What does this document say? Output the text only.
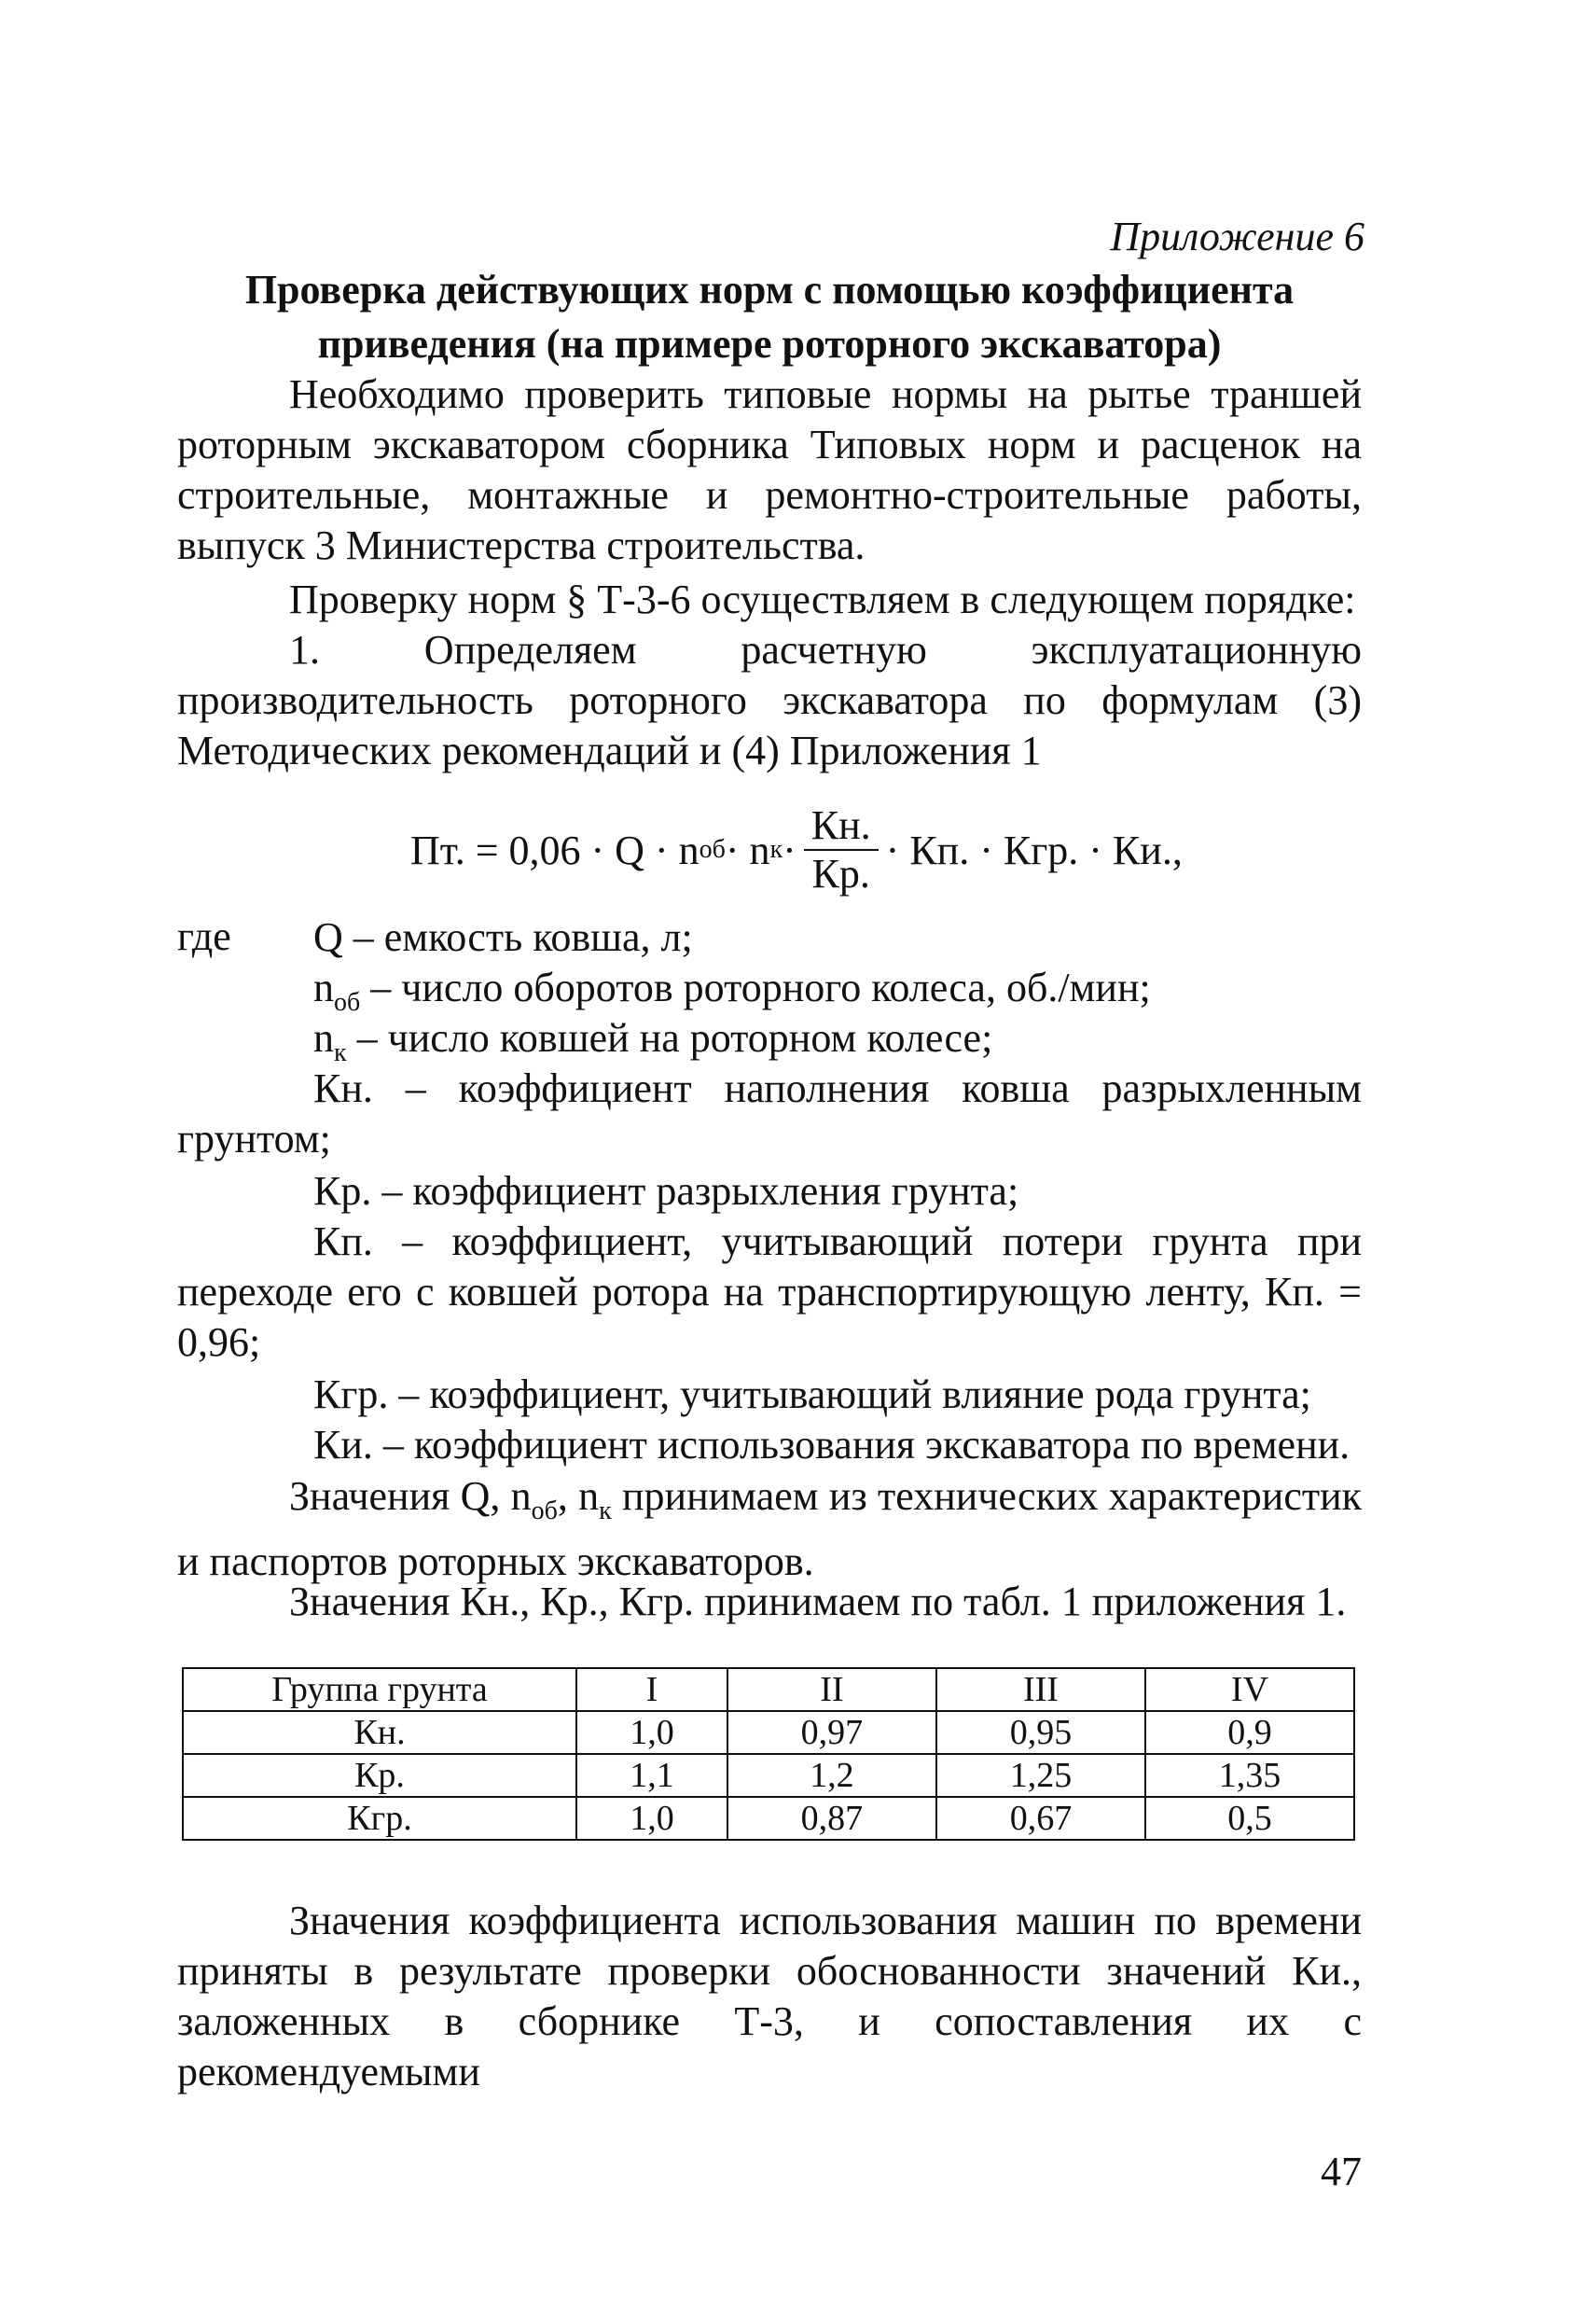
Приложение 6
Проверка действующих норм с помощью коэффициента приведения (на примере роторного экскаватора)
Необходимо проверить типовые нормы на рытье траншей роторным экскаватором сборника Типовых норм и расценок на строительные, монтажные и ремонтно-строительные работы, выпуск 3 Министерства строительства.
Проверку норм § Т-3-6 осуществляем в следующем порядке:
1. Определяем расчетную эксплуатационную производительность роторного экскаватора по формулам (3) Методических рекомендаций и (4) Приложения 1
Пт. = 0,06 · Q · n об · n $к \cdot \frac{Кн.}{Кр.}$ · Кп. · Кгр. · Ки.,
где Q – емкость ковша, л;
$n_{об}$ – число оборотов роторного колеса, об./мин;
$n_к$ – число ковшей на роторном колесе;
Кн. – коэффициент наполнения ковша разрыхленным грунтом;
Кр. – коэффициент разрыхления грунта;
Кп. – коэффициент, учитывающий потери грунта при переходе его с ковшей ротора на транспортирующую ленту, Кп. = 0,96;
Кгр. – коэффициент, учитывающий влияние рода грунта;
Ки. – коэффициент использования экскаватора по времени.
Значения Q, $n_{об}$, $n_к$ принимаем из технических характеристик и паспортов роторных экскаваторов.
Значения Кн., Кр., Кгр. принимаем по табл. 1 приложения 1.
Группа грунта	I	II	III	IV
Кн.	1,0	0,97	0,95	0,9
Кр.	1,1	1,2	1,25	1,35
Кгр.	1,0	0,87	0,67	0,5
Значения коэффициента использования машин по времени приняты в результате проверки обоснованности значений Ки., заложенных в сборнике Т-3, и сопоставления их с рекомендуемыми
47
